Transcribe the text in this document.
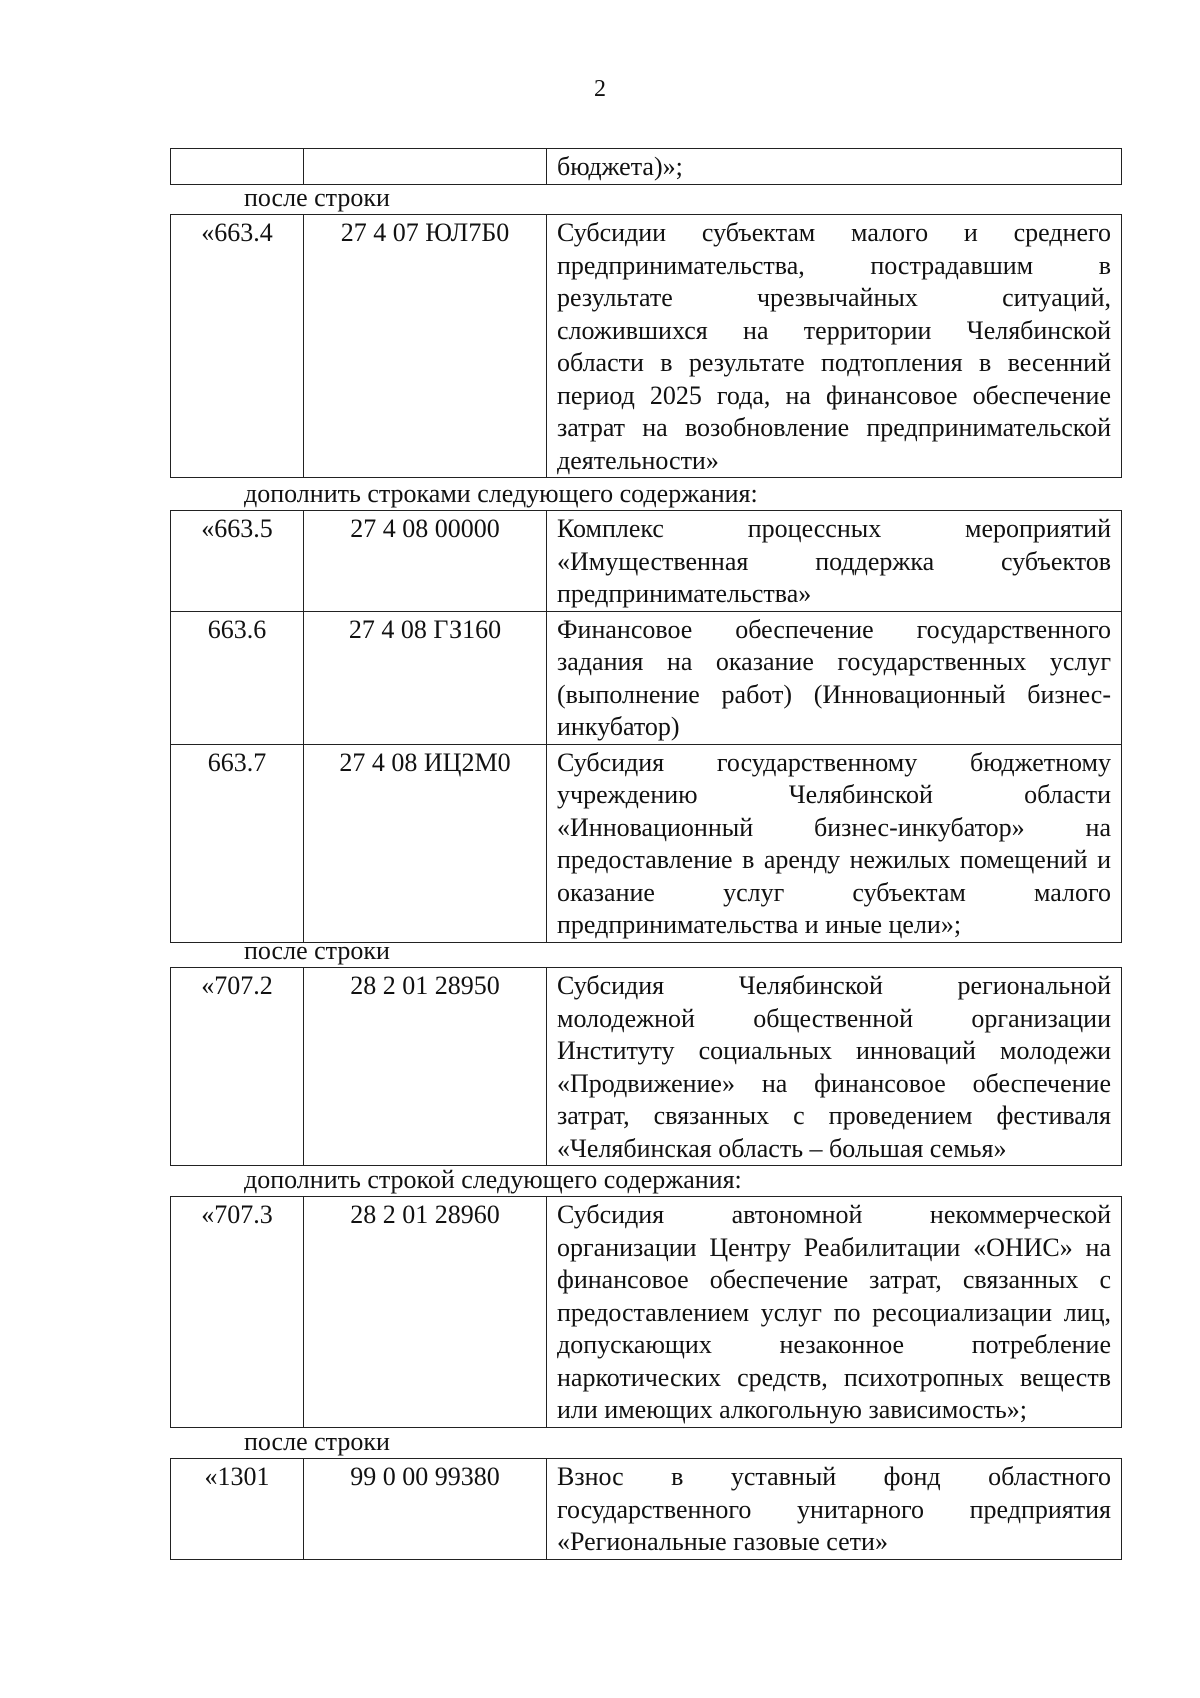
2
		бюджета)»;
после строки
«663.4	27 4 07 ЮЛ7Б0	Субсидии субъектам малого и среднего предпринимательства, пострадавшим в результате чрезвычайных ситуаций, сложившихся на территории Челябинской области в результате подтопления в весенний период 2025 года, на финансовое обеспечение затрат на возобновление предпринимательской деятельности»
дополнить строками следующего содержания:
«663.5	27 4 08 00000	Комплекс процессных мероприятий «Имущественная поддержка субъектов предпринимательства»
663.6	27 4 08 ГЗ160	Финансовое обеспечение государственного задания на оказание государственных услуг (выполнение работ) (Инновационный бизнес-инкубатор)
663.7	27 4 08 ИЦ2М0	Субсидия государственному бюджетному учреждению Челябинской области «Инновационный бизнес-инкубатор» на предоставление в аренду нежилых помещений и оказание услуг субъектам малого предпринимательства и иные цели»;
после строки
«707.2	28 2 01 28950	Субсидия Челябинской региональной молодежной общественной организации Институту социальных инноваций молодежи «Продвижение» на финансовое обеспечение затрат, связанных с проведением фестиваля «Челябинская область – большая семья»
дополнить строкой следующего содержания:
«707.3	28 2 01 28960	Субсидия автономной некоммерческой организации Центру Реабилитации «ОНИС» на финансовое обеспечение затрат, связанных с предоставлением услуг по ресоциализации лиц, допускающих незаконное потребление наркотических средств, психотропных веществ или имеющих алкогольную зависимость»;
после строки
«1301	99 0 00 99380	Взнос в уставный фонд областного государственного унитарного предприятия «Региональные газовые сети»
